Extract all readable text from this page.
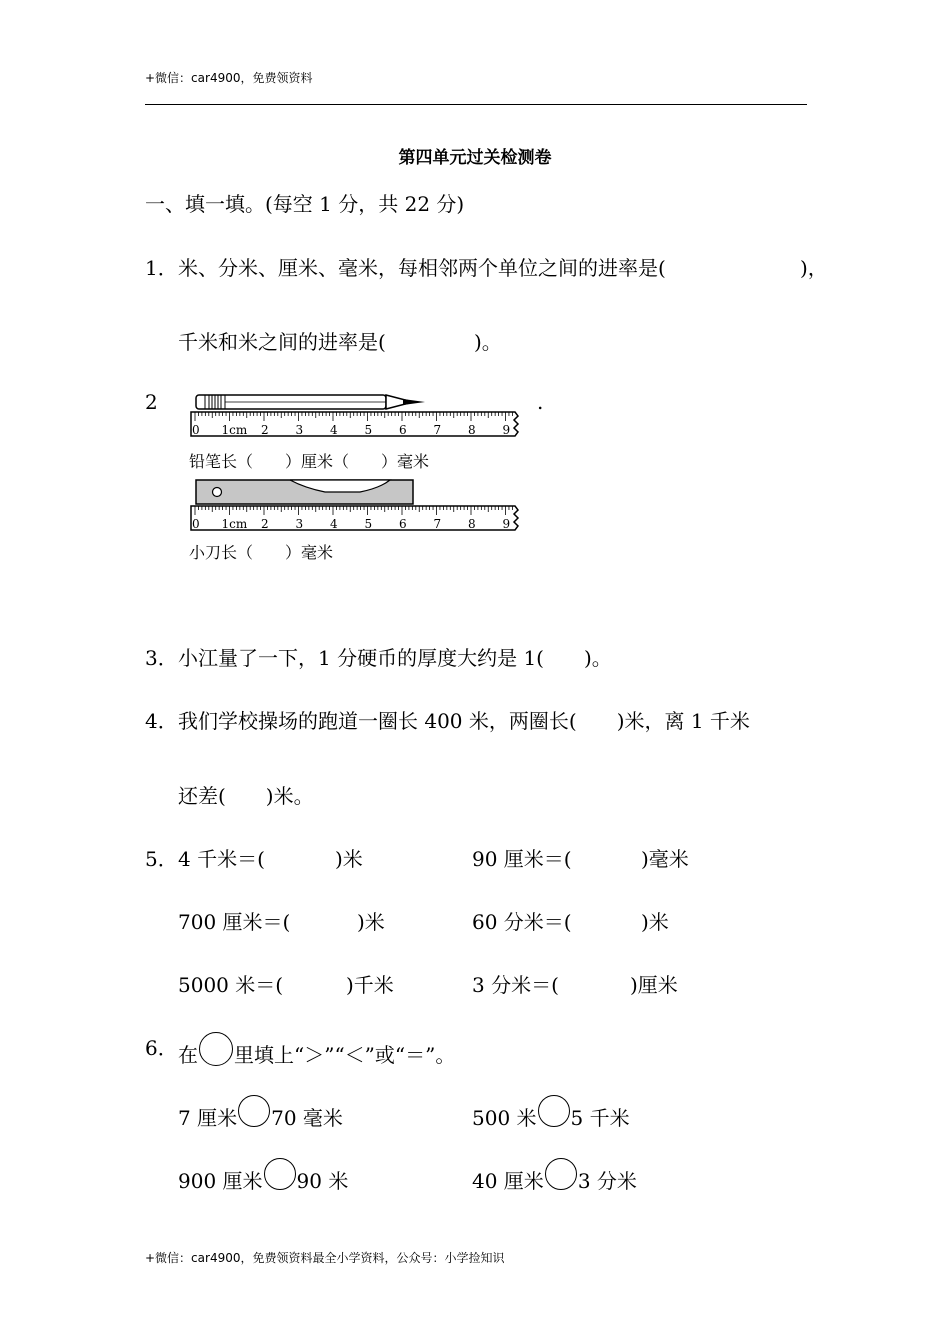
+微信：car4900，免费领资料
第四单元过关检测卷
一、填一填。(每空 1 分，共 22 分)
1． 米、分米、厘米、毫米，每相邻两个单位之间的进率是(	)，
千米和米之间的进率是(	)。
2	.
0 1cm 2 3 4 5 6 7 8 9
铅笔长（　　）厘米（　　）毫米
0 1cm 2 3 4 5 6 7 8 9
小刀长（　　）毫米
3． 小江量了一下，1 分硬币的厚度大约是 1(　　)。
4． 我们学校操场的跑道一圈长 400 米，两圈长(　　)米，离 1 千米
还差(　　)米。
5． 4 千米＝(	)米	90 厘米＝(	)毫米
700 厘米＝(	)米	60 分米＝(	)米
5000 米＝(	)千米	3 分米＝(	)厘米
6． 在 里填上“＞”“＜”或“＝”。
7 厘米 70 毫米	500 米 5 千米
900 厘米 90 米	40 厘米 3 分米
+微信：car4900，免费领资料最全小学资料，公众号：小学捡知识
